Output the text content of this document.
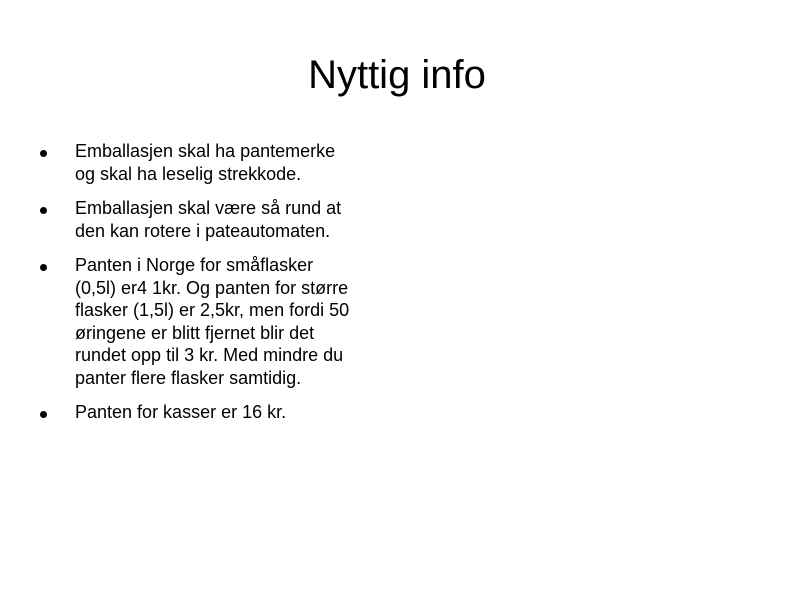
Nyttig info
Emballasjen skal ha pantemerke
og skal ha leselig strekkode.
Emballasjen skal være så rund at
den kan rotere i pateautomaten.
Panten i Norge for småflasker
(0,5l) er4 1kr. Og panten for større
flasker (1,5l) er 2,5kr, men fordi 50
øringene er blitt fjernet blir det
rundet opp til 3 kr. Med mindre du
panter flere flasker samtidig.
Panten for kasser er 16 kr.
